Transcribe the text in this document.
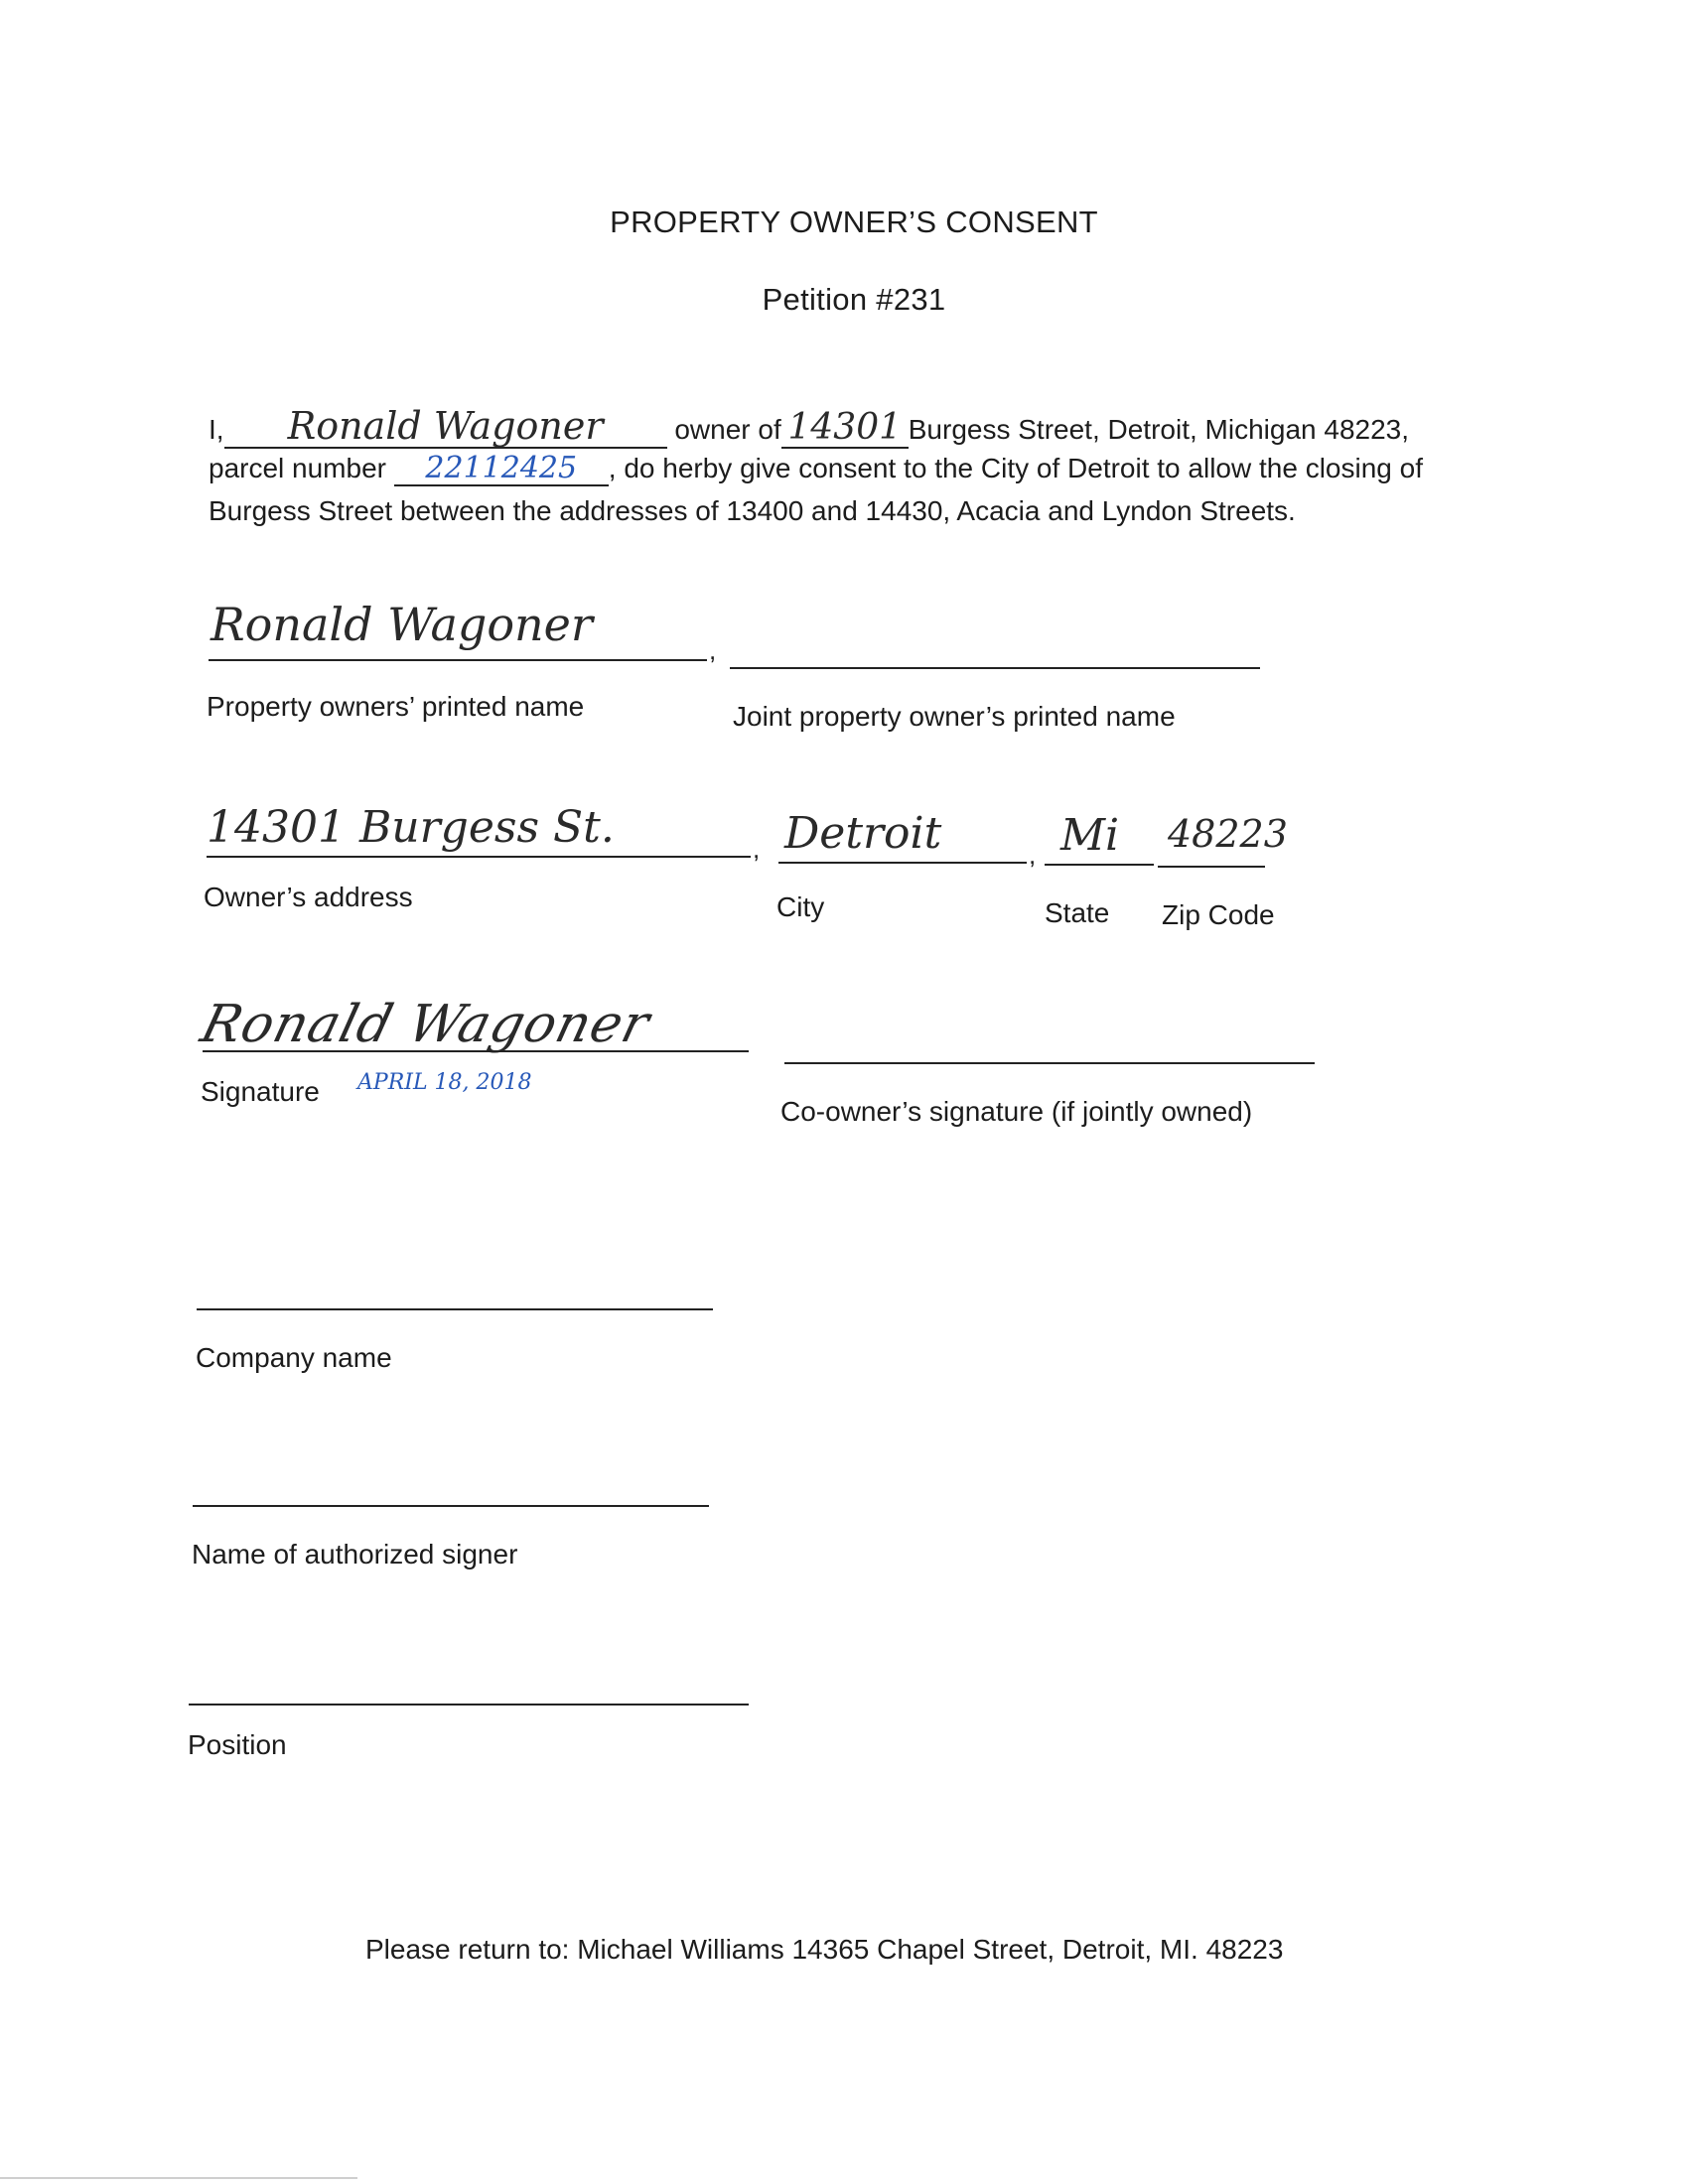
PROPERTY OWNER’S CONSENT
Petition #231
I, Ronald Wagoner	owner of 14301 Burgess Street, Detroit, Michigan 48223,
parcel number 22112425 , do herby give consent to the City of Detroit to allow the closing of
Burgess Street between the addresses of 13400 and 14430, Acacia and Lyndon Streets.
Ronald Wagoner	,
Property owners’ printed name	Joint property owner’s printed name
14301 Burgess St.	, Detroit	, Mi 48223
Owner’s address	City	State Zip Code
Ronald Wagoner
Signature APRIL 18, 2018
Co-owner’s signature (if jointly owned)
Company name
Name of authorized signer
Position
Please return to: Michael Williams 14365 Chapel Street, Detroit, MI. 48223
